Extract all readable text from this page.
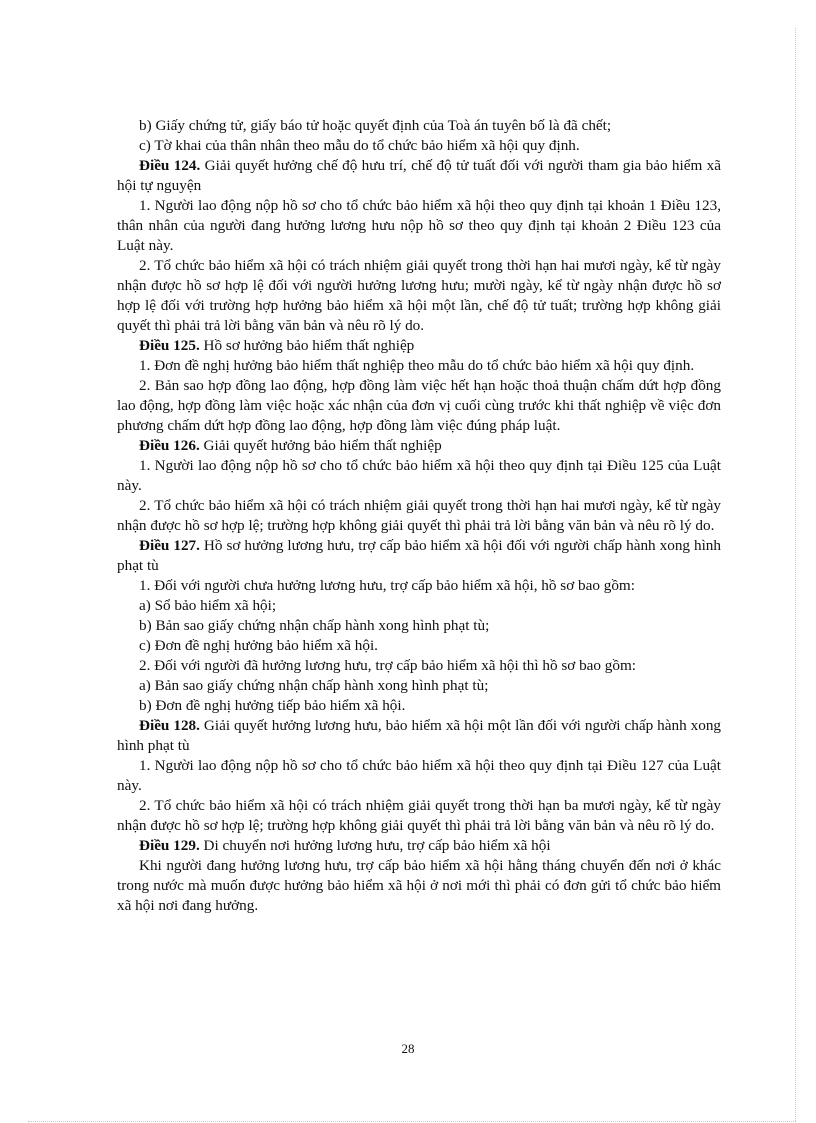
b) Giấy chứng tử, giấy báo tử hoặc quyết định của Toà án tuyên bố là đã chết;

c) Tờ khai của thân nhân theo mẫu do tổ chức bảo hiểm xã hội quy định.

Điều 124. Giải quyết hưởng chế độ hưu trí, chế độ tử tuất đối với người tham gia bảo hiểm xã hội tự nguyện

1. Người lao động nộp hồ sơ cho tổ chức bảo hiểm xã hội theo quy định tại khoản 1 Điều 123, thân nhân của người đang hưởng lương hưu nộp hồ sơ theo quy định tại khoản 2 Điều 123 của Luật này.

2. Tổ chức bảo hiểm xã hội có trách nhiệm giải quyết trong thời hạn hai mươi ngày, kể từ ngày nhận được hồ sơ hợp lệ đối với người hưởng lương hưu; mười ngày, kể từ ngày nhận được hồ sơ hợp lệ đối với trường hợp hưởng bảo hiểm xã hội một lần, chế độ tử tuất; trường hợp không giải quyết thì phải trả lời bằng văn bản và nêu rõ lý do.

Điều 125. Hồ sơ hưởng bảo hiểm thất nghiệp

1. Đơn đề nghị hưởng bảo hiểm thất nghiệp theo mẫu do tổ chức bảo hiểm xã hội quy định.

2. Bản sao hợp đồng lao động, hợp đồng làm việc hết hạn hoặc thoả thuận chấm dứt hợp đồng lao động, hợp đồng làm việc hoặc xác nhận của đơn vị cuối cùng trước khi thất nghiệp về việc đơn phương chấm dứt hợp đồng lao động, hợp đồng làm việc đúng pháp luật.

Điều 126. Giải quyết hưởng bảo hiểm thất nghiệp

1. Người lao động nộp hồ sơ cho tổ chức bảo hiểm xã hội theo quy định tại Điều 125 của Luật này.

2. Tổ chức bảo hiểm xã hội có trách nhiệm giải quyết trong thời hạn hai mươi ngày, kể từ ngày nhận được hồ sơ hợp lệ; trường hợp không giải quyết thì phải trả lời bằng văn bản và nêu rõ lý do.

Điều 127. Hồ sơ hưởng lương hưu, trợ cấp bảo hiểm xã hội đối với người chấp hành xong hình phạt tù

1. Đối với người chưa hưởng lương hưu, trợ cấp bảo hiểm xã hội, hồ sơ bao gồm:

a) Sổ bảo hiểm xã hội;

b) Bản sao giấy chứng nhận chấp hành xong hình phạt tù;

c) Đơn đề nghị hưởng bảo hiểm xã hội.

2. Đối với người đã hưởng lương hưu, trợ cấp bảo hiểm xã hội thì hồ sơ bao gồm:

a) Bản sao giấy chứng nhận chấp hành xong hình phạt tù;

b) Đơn đề nghị hưởng tiếp bảo hiểm xã hội.

Điều 128. Giải quyết hưởng lương hưu, bảo hiểm xã hội một lần đối với người chấp hành xong hình phạt tù

1. Người lao động nộp hồ sơ cho tổ chức bảo hiểm xã hội theo quy định tại Điều 127 của Luật này.

2. Tổ chức bảo hiểm xã hội có trách nhiệm giải quyết trong thời hạn ba mươi ngày, kể từ ngày nhận được hồ sơ hợp lệ; trường hợp không giải quyết thì phải trả lời bằng văn bản và nêu rõ lý do.

Điều 129. Di chuyển nơi hưởng lương hưu, trợ cấp bảo hiểm xã hội

Khi người đang hưởng lương hưu, trợ cấp bảo hiểm xã hội hằng tháng chuyển đến nơi ở khác trong nước mà muốn được hưởng bảo hiểm xã hội ở nơi mới thì phải có đơn gửi tổ chức bảo hiểm xã hội nơi đang hưởng.

28
